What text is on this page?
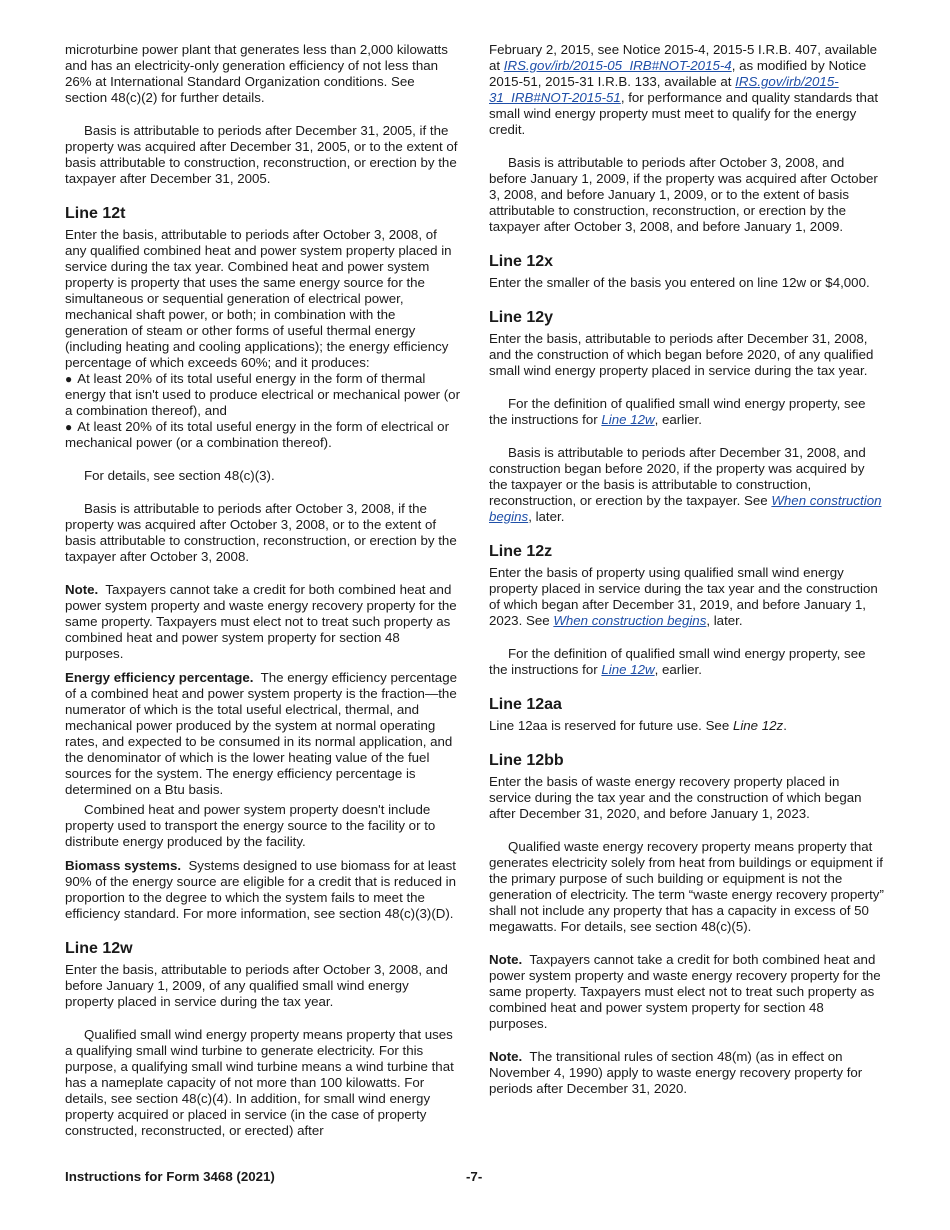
microturbine power plant that generates less than 2,000 kilowatts and has an electricity-only generation efficiency of not less than 26% at International Standard Organization conditions. See section 48(c)(2) for further details.

Basis is attributable to periods after December 31, 2005, if the property was acquired after December 31, 2005, or to the extent of basis attributable to construction, reconstruction, or erection by the taxpayer after December 31, 2005.

Line 12t

Enter the basis, attributable to periods after October 3, 2008, of any qualified combined heat and power system property placed in service during the tax year. Combined heat and power system property is property that uses the same energy source for the simultaneous or sequential generation of electrical power, mechanical shaft power, or both; in combination with the generation of steam or other forms of useful thermal energy (including heating and cooling applications); the energy efficiency percentage of which exceeds 60%; and it produces:

● At least 20% of its total useful energy in the form of thermal energy that isn't used to produce electrical or mechanical power (or a combination thereof), and

● At least 20% of its total useful energy in the form of electrical or mechanical power (or a combination thereof).

For details, see section 48(c)(3).

Basis is attributable to periods after October 3, 2008, if the property was acquired after October 3, 2008, or to the extent of basis attributable to construction, reconstruction, or erection by the taxpayer after October 3, 2008.

Note. Taxpayers cannot take a credit for both combined heat and power system property and waste energy recovery property for the same property. Taxpayers must elect not to treat such property as combined heat and power system property for section 48 purposes.

Energy efficiency percentage. The energy efficiency percentage of a combined heat and power system property is the fraction—the numerator of which is the total useful electrical, thermal, and mechanical power produced by the system at normal operating rates, and expected to be consumed in its normal application, and the denominator of which is the lower heating value of the fuel sources for the system. The energy efficiency percentage is determined on a Btu basis.

Combined heat and power system property doesn't include property used to transport the energy source to the facility or to distribute energy produced by the facility.

Biomass systems. Systems designed to use biomass for at least 90% of the energy source are eligible for a credit that is reduced in proportion to the degree to which the system fails to meet the efficiency standard. For more information, see section 48(c)(3)(D).

Line 12w

Enter the basis, attributable to periods after October 3, 2008, and before January 1, 2009, of any qualified small wind energy property placed in service during the tax year.

Qualified small wind energy property means property that uses a qualifying small wind turbine to generate electricity. For this purpose, a qualifying small wind turbine means a wind turbine that has a nameplate capacity of not more than 100 kilowatts. For details, see section 48(c)(4). In addition, for small wind energy property acquired or placed in service (in the case of property constructed, reconstructed, or erected) after

February 2, 2015, see Notice 2015-4, 2015-5 I.R.B. 407, available at IRS.gov/irb/2015-05_IRB#NOT-2015-4, as modified by Notice 2015-51, 2015-31 I.R.B. 133, available at IRS.gov/irb/2015-31_IRB#NOT-2015-51, for performance and quality standards that small wind energy property must meet to qualify for the energy credit.

Basis is attributable to periods after October 3, 2008, and before January 1, 2009, if the property was acquired after October 3, 2008, and before January 1, 2009, or to the extent of basis attributable to construction, reconstruction, or erection by the taxpayer after October 3, 2008, and before January 1, 2009.

Line 12x

Enter the smaller of the basis you entered on line 12w or $4,000.

Line 12y

Enter the basis, attributable to periods after December 31, 2008, and the construction of which began before 2020, of any qualified small wind energy property placed in service during the tax year.

For the definition of qualified small wind energy property, see the instructions for Line 12w, earlier.

Basis is attributable to periods after December 31, 2008, and construction began before 2020, if the property was acquired by the taxpayer or the basis is attributable to construction, reconstruction, or erection by the taxpayer. See When construction begins, later.

Line 12z

Enter the basis of property using qualified small wind energy property placed in service during the tax year and the construction of which began after December 31, 2019, and before January 1, 2023. See When construction begins, later.

For the definition of qualified small wind energy property, see the instructions for Line 12w, earlier.

Line 12aa

Line 12aa is reserved for future use. See Line 12z.

Line 12bb

Enter the basis of waste energy recovery property placed in service during the tax year and the construction of which began after December 31, 2020, and before January 1, 2023.

Qualified waste energy recovery property means property that generates electricity solely from heat from buildings or equipment if the primary purpose of such building or equipment is not the generation of electricity. The term “waste energy recovery property” shall not include any property that has a capacity in excess of 50 megawatts. For details, see section 48(c)(5).

Note. Taxpayers cannot take a credit for both combined heat and power system property and waste energy recovery property for the same property. Taxpayers must elect not to treat such property as combined heat and power system property for section 48 purposes.

Note. The transitional rules of section 48(m) (as in effect on November 4, 1990) apply to waste energy recovery property for periods after December 31, 2020.

Instructions for Form 3468 (2021)	-7-
